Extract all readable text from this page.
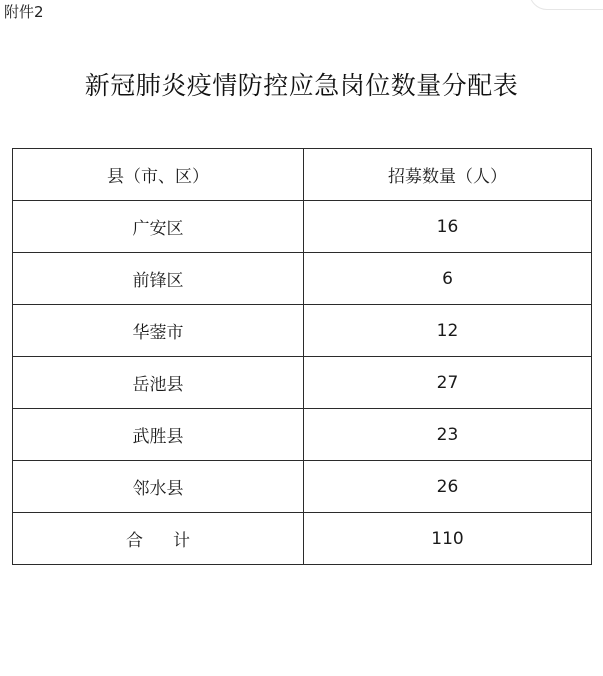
附件2
新冠肺炎疫情防控应急岗位数量分配表
县（市、区）	招募数量（人）
广安区	16
前锋区	6
华蓥市	12
岳池县	27
武胜县	23
邻水县	26
合计	110
